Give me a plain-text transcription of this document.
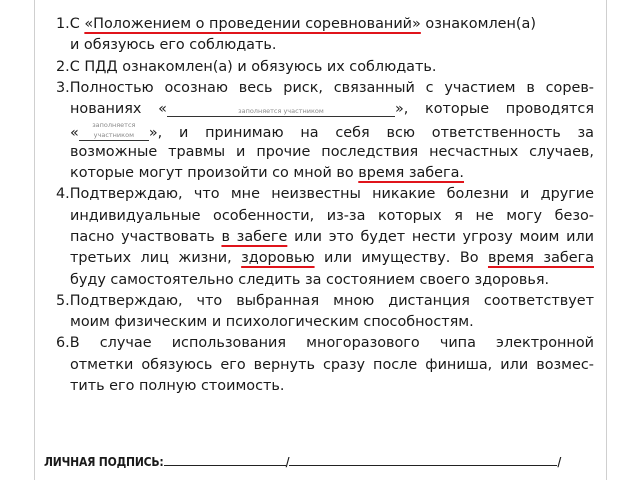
1.С «Положением о проведении соревнований» ознакомлен(а)
и обязуюсь его соблюдать.
2.С ПДД ознакомлен(а) и обязуюсь их соблюдать.
3.Полностью осознаю весь риск, связанный с участием в сорев-
нованиях «	заполняется участником	», которые проводятся
« заполняется участником », и принимаю на себя всю ответственность за
возможные травмы и прочие последствия несчастных случаев,
которые могут произойти со мной во время забега.
4.Подтверждаю, что мне неизвестны никакие болезни и другие
индивидуальные особенности, из-за которых я не могу безо-
пасно участвовать в забеге или это будет нести угрозу моим или
третьих лиц жизни, здоровью или имуществу. Во время забега
буду самостоятельно следить за состоянием своего здоровья.
5.Подтверждаю, что выбранная мною дистанция соответствует
моим физическим и психологическим способностям.
6.В случае использования многоразового чипа электронной
отметки обязуюсь его вернуть сразу после финиша, или возмес-
тить его полную стоимость.
ЛИЧНАЯ ПОДПИСЬ:	/	/
